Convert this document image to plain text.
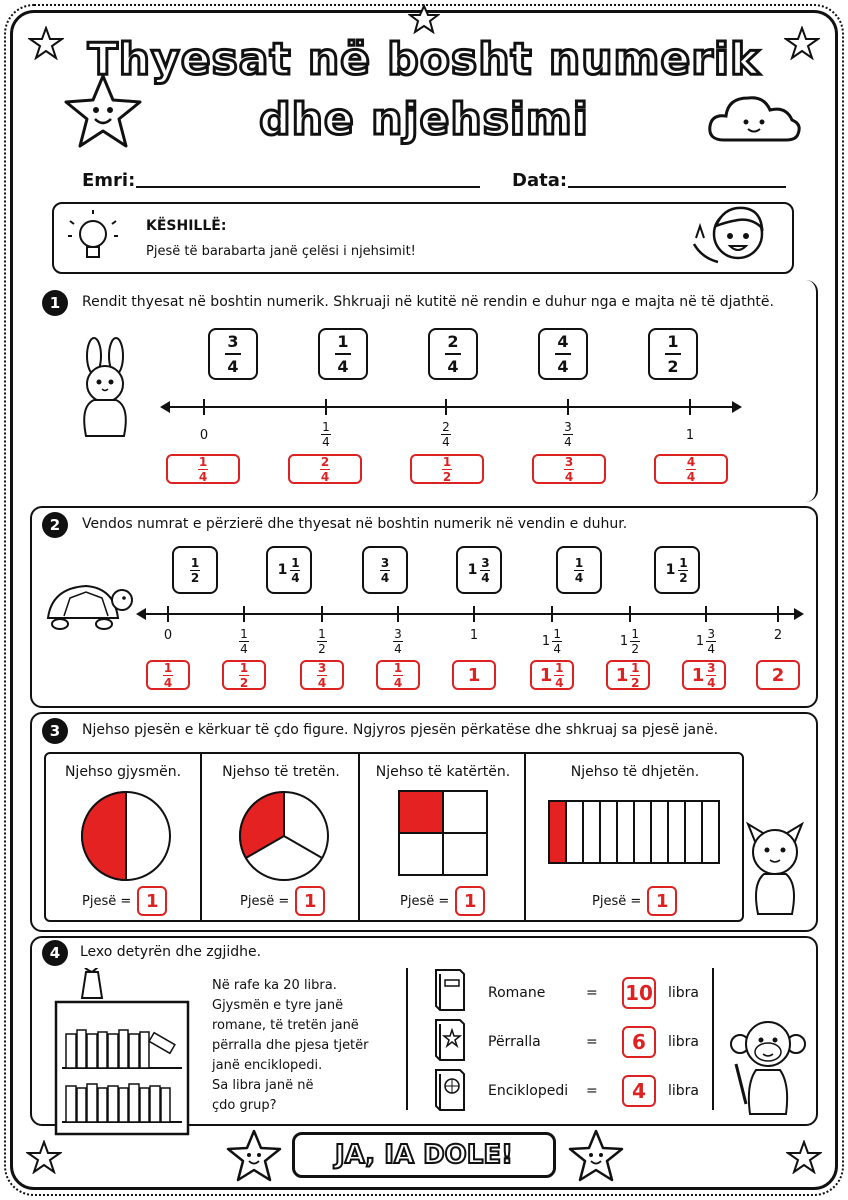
Thyesat në bosht numerik
dhe njehsimi
Emri:	Data:
KËSHILLË:
Pjesë të barabarta janë çelësi i njehsimit!
1	Rendit thyesat në boshtin numerik. Shkruaji në kutitë në rendin e duhur nga e majta në të djathtë.
2	Vendos numrat e përzierë dhe thyesat në boshtin numerik në vendin e duhur.
3	Njehso pjesën e kërkuar të çdo figure. Ngjyros pjesën përkatëse dhe shkruaj sa pjesë janë.
Njehso gjysmën.	Njehso të tretën.	Njehso të katërtën.	Njehso të dhjetën.
Pjesë = 1	Pjesë = 1	Pjesë = 1	Pjesë = 1
4	Lexo detyrën dhe zgjidhe.
Në rafe ka 20 libra.
Gjysmën e tyre janë
romane, të tretën janë
përralla dhe pjesa tjetër
janë enciklopedi.
Sa libra janë në
çdo grup?
Romane	=	10 libra
Përralla	=	6	libra
Enciklopedi	=	4	libra
JA, IA DOLE!
3
4
1
4
2
4
4
4
1
2
0	$\frac{1}{4}$	$\frac{2}{4}$	$\frac{3}{4}$	1
$\frac{1}{4}$	$\frac{2}{4}$	$\frac{1}{2}$	$\frac{3}{4}$	$\frac{4}{4}$
$\frac{1}{2}$	$1 \frac{1}{4}$	$\frac{3}{4}$	$1 \frac{3}{4}$	$\frac{1}{4}$	$1 \frac{1}{2}$
0	$\frac{1}{4}$	$\frac{1}{2}$	$\frac{3}{4}$	1	$1 \frac{1}{4}$	$1 \frac{1}{2}$	$1 \frac{3}{4}$	2
$\frac{1}{4}$	$\frac{1}{2}$	$\frac{3}{4}$	$\frac{1}{4}$	1	$1 \frac{1}{4}$	$1 \frac{1}{2}$	$1 \frac{3}{4}$	2
